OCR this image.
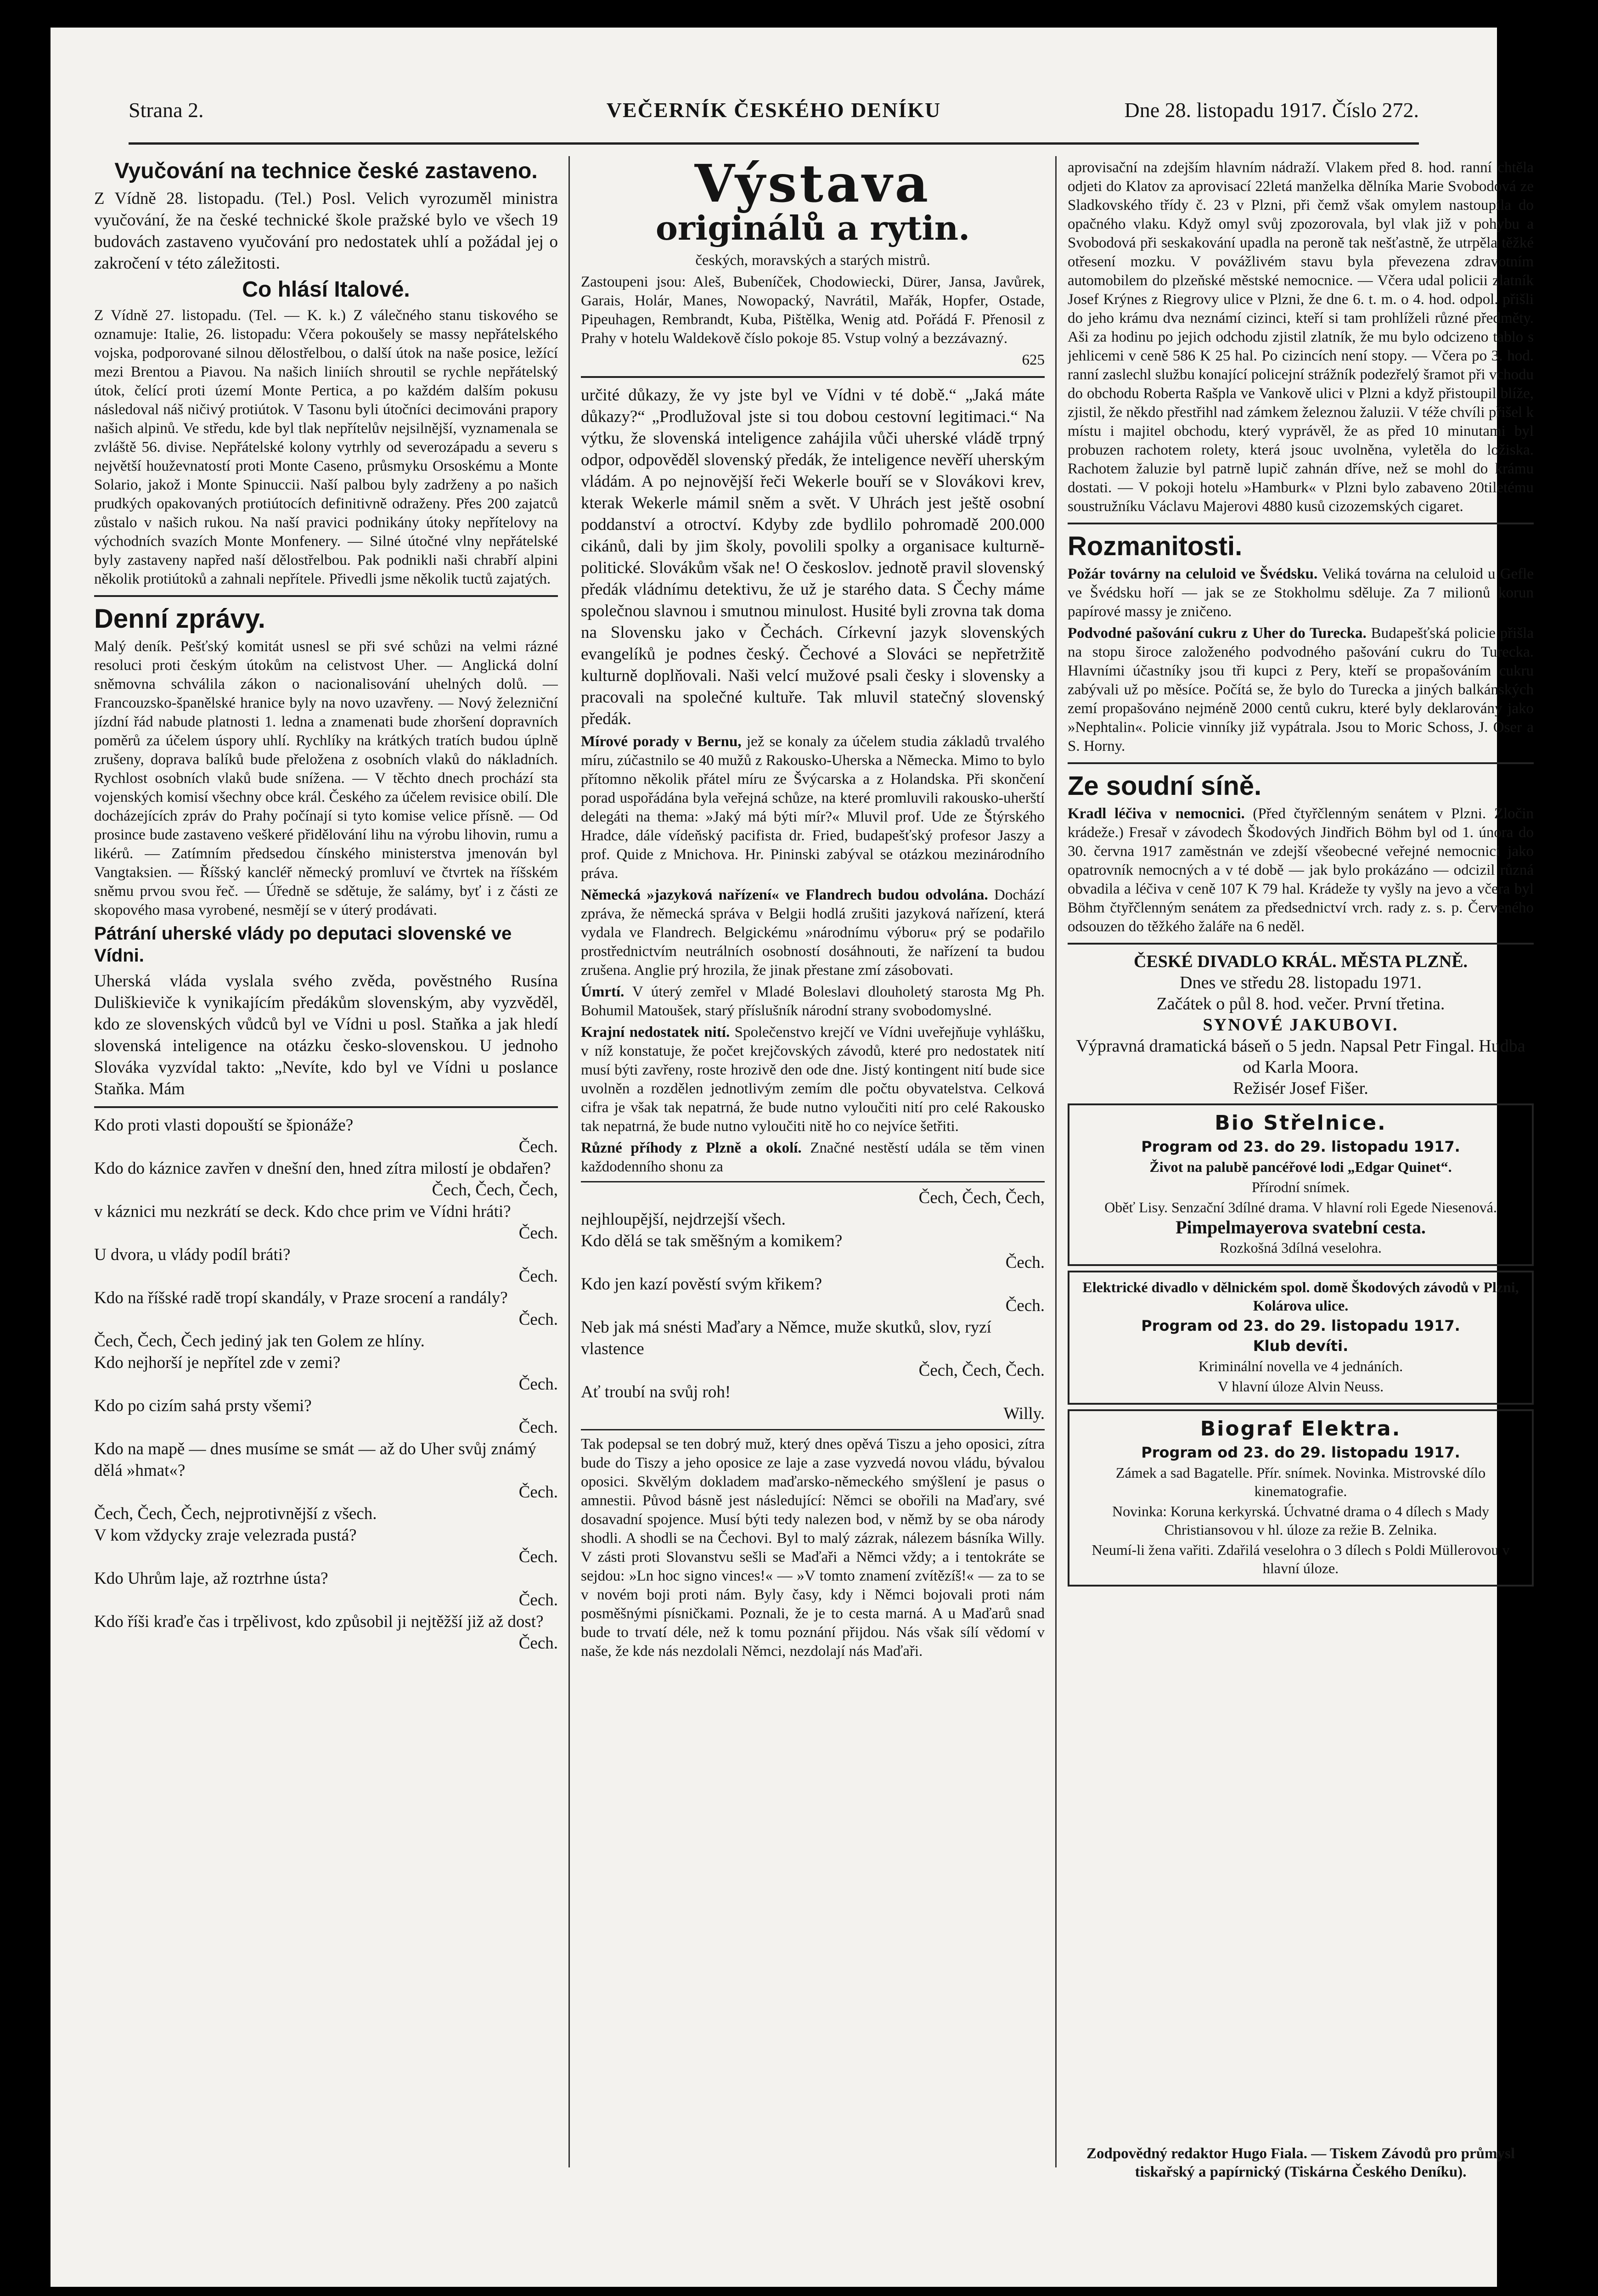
Strana 2.	VEČERNÍK ČESKÉHO DENÍKU	Dne 28. listopadu 1917. Číslo 272.
Vyučování na technice české zastaveno.

Z Vídně 28. listopadu. (Tel.) Posl. Velich vyrozuměl ministra vyučování, že na české technické škole pražské bylo ve všech 19 budovách zastaveno vyučování pro nedostatek uhlí a požádal jej o zakročení v této záležitosti.

Co hlásí Italové.

Z Vídně 27. listopadu. (Tel. — K. k.) Z válečného stanu tiskového se oznamuje: Italie, 26. listopadu: Včera pokoušely se massy nepřátelského vojska, podporované silnou dělostřelbou, o další útok na naše posice, ležící mezi Brentou a Piavou. Na našich liniích shroutil se rychle nepřátelský útok, čelící proti území Monte Pertica, a po každém dalším pokusu následoval náš ničivý protiútok. V Tasonu byli útočníci decimováni prapory našich alpinů. Ve středu, kde byl tlak nepřítelův nejsilnější, vyznamenala se zvláště 56. divise. Nepřátelské kolony vytrhly od severozápadu a severu s největší houževnatostí proti Monte Caseno, průsmyku Orsoskému a Monte Solario, jakož i Monte Spinuccii. Naší palbou byly zadrženy a po našich prudkých opakovaných protiútocích definitivně odraženy. Přes 200 zajatců zůstalo v našich rukou. Na naší pravici podnikány útoky nepřítelovy na východních svazích Monte Monfenery. — Silné útočné vlny nepřátelské byly zastaveny napřed naší dělostřelbou. Pak podnikli naši chrabří alpini několik protiútoků a zahnali nepřítele. Přivedli jsme několik tuctů zajatých.

Denní zprávy.

Malý deník. Pešťský komitát usnesl se při své schůzi na velmi rázné resoluci proti českým útokům na celistvost Uher. — Anglická dolní sněmovna schválila zákon o nacionalisování uhelných dolů. — Francouzsko-španělské hranice byly na novo uzavřeny. — Nový železniční jízdní řád nabude platnosti 1. ledna a znamenati bude zhoršení dopravních poměrů za účelem úspory uhlí. Rychlíky na krátkých tratích budou úplně zrušeny, doprava balíků bude přeložena z osobních vlaků do nákladních. Rychlost osobních vlaků bude snížena. — V těchto dnech prochází sta vojenských komisí všechny obce král. Českého za účelem revisice obilí. Dle docházejících zpráv do Prahy počínají si tyto komise velice přísně. — Od prosince bude zastaveno veškeré přidělování lihu na výrobu lihovin, rumu a likérů. — Zatímním předsedou čínského ministerstva jmenován byl Vangtaksien. — Říšský kancléř německý promluví ve čtvrtek na říšském sněmu prvou svou řeč. — Úředně se sdětuje, že salámy, byť i z části ze skopového masa vyrobené, nesmějí se v úterý prodávati.

Pátrání uherské vlády po deputaci slovenské ve Vídni.

Uherská vláda vyslala svého zvěda, pověstného Rusína Duliškieviče k vynikajícím předákům slovenským, aby vyzvěděl, kdo ze slovenských vůdců byl ve Vídni u posl. Staňka a jak hledí slovenská inteligence na otázku česko-slovenskou. U jednoho Slováka vyzvídal takto: „Nevíte, kdo byl ve Vídni u poslance Staňka. Mám

Kdo proti vlasti dopouští se špionáže?

Čech.

Kdo do káznice zavřen v dnešní den, hned zítra milostí je obdařen?

Čech, Čech, Čech,

v káznici mu nezkrátí se deck. Kdo chce prim ve Vídni hráti?

Čech.

U dvora, u vlády podíl bráti?

Čech.

Kdo na říšské radě tropí skandály, v Praze srocení a randály?

Čech.

Čech, Čech, Čech jediný jak ten Golem ze hlíny.

Kdo nejhorší je nepřítel zde v zemi?

Čech.

Kdo po cizím sahá prsty všemi?

Čech.

Kdo na mapě — dnes musíme se smát — až do Uher svůj známý dělá »hmat«?

Čech.

Čech, Čech, Čech, nejprotivnější z všech.

V kom vždycky zraje velezrada pustá?

Čech.

Kdo Uhrům laje, až roztrhne ústa?

Čech.

Kdo říši kraďe čas i trpělivost, kdo způsobil ji nejtěžší již až dost?

Čech.

Výstava
originálů a rytin.

českých, moravských a starých mistrů.

Zastoupeni jsou: Aleš, Bubeníček, Chodowiecki, Dürer, Jansa, Javůrek, Garais, Holár, Manes, Nowopacký, Navrátil, Mařák, Hopfer, Ostade, Pipeuhagen, Rembrandt, Kuba, Pištělka, Wenig atd. Pořádá F. Přenosil z Prahy v hotelu Waldekově číslo pokoje 85. Vstup volný a bezzávazný.

625

určité důkazy, že vy jste byl ve Vídni v té době.“ „Jaká máte důkazy?“ „Prodlužoval jste si tou dobou cestovní legitimaci.“ Na výtku, že slovenská inteligence zahájila vůči uherské vládě trpný odpor, odpověděl slovenský předák, že inteligence nevěří uherským vládám. A po nejnovější řeči Wekerle bouří se v Slovákovi krev, kterak Wekerle mámil sněm a svět. V Uhrách jest ještě osobní poddanství a otroctví. Kdyby zde bydlilo pohromadě 200.000 cikánů, dali by jim školy, povolili spolky a organisace kulturně-politické. Slovákům však ne! O českoslov. jednotě pravil slovenský předák vládnímu detektivu, že už je starého data. S Čechy máme společnou slavnou i smutnou minulost. Husité byli zrovna tak doma na Slovensku jako v Čechách. Církevní jazyk slovenských evangelíků je podnes český. Čechové a Slováci se nepřetržitě kulturně doplňovali. Naši velcí mužové psali česky i slovensky a pracovali na společné kultuře. Tak mluvil statečný slovenský předák.

Mírové porady v Bernu, jež se konaly za účelem studia základů trvalého míru, zúčastnilo se 40 mužů z Rakousko-Uherska a Německa. Mimo to bylo přítomno několik přátel míru ze Švýcarska a z Holandska. Při skončení porad uspořádána byla veřejná schůze, na které promluvili rakousko-uherští delegáti na thema: »Jaký má býti mír?« Mluvil prof. Ude ze Štýrského Hradce, dále vídeňský pacifista dr. Fried, budapešťský profesor Jaszy a prof. Quide z Mnichova. Hr. Pininski zabýval se otázkou mezinárodního právа.

Německá »jazyková nařízení« ve Flandrech budou odvolána. Dochází zpráva, že německá správa v Belgii hodlá zrušiti jazyková nařízení, která vydala ve Flandrech. Belgickému »národnímu výboru« prý se podařilo prostřednictvím neutrálních osobností dosáhnouti, že nařízení ta budou zrušena. Anglie prý hrozila, že jinak přestane zmí zásobovati.

Úmrtí. V úterý zemřel v Mladé Boleslavi dlouholetý starosta Mg Ph. Bohumil Matoušek, starý příslušník národní strany svobodomyslné.

Krajní nedostatek nití. Společenstvo krejčí ve Vídni uveřejňuje vyhlášku, v níž konstatuje, že počet krejčovských závodů, které pro nedostatek nití musí býti zavřeny, roste hrozivě den ode dne. Jistý kontingent nití bude sice uvolněn a rozdělen jednotlivým zemím dle počtu obyvatelstva. Celková cifra je však tak nepatrná, že bude nutno vyloučiti nití pro celé Rakousko tak nepatrná, že bude nutno vyloučiti nitě ho co nejvíce šetřiti.

Různé příhody z Plzně a okolí. Značné nestěstí udála se těm vinen každodenního shonu za

Čech, Čech, Čech,

nejhloupější, nejdrzejší všech.

Kdo dělá se tak směšným a komikem?

Čech.

Kdo jen kazí pověstí svým křikem?

Čech.

Neb jak má snésti Maďary a Němce, muže skutků, slov, ryzí vlastence

Čech, Čech, Čech.

Ať troubí na svůj roh!

Willy.

Tak podepsal se ten dobrý muž, který dnes opěvá Tiszu a jeho oposici, zítra bude do Tiszy a jeho oposice ze laje a zase vyzvedá novou vládu, bývalou oposici. Skvělým dokladem maďarsko-německého smýšlení je pasus o amnestii. Původ básně jest následující: Němci se obořili na Maďary, své dosavadní spojence. Musí býti tedy nalezen bod, v němž by se oba národy shodli. A shodli se na Čechovi. Byl to malý zázrak, nálezem básníka Willy. V zásti proti Slovanstvu sešli se Maďaři a Němci vždy; a i tentokráte se sejdou: »Ln hoc signo vinces!« — »V tomto znamení zvítězíš!« — za to se v novém boji proti nám. Byly časy, kdy i Němci bojovali proti nám posměšnými písničkami. Poznali, že je to cesta marná. A u Maďarů snad bude to trvatí déle, než k tomu poznání přijdou. Nás však sílí vědomí v naše, že kde nás nezdolali Němci, nezdolají nás Maďaři.

aprovisační na zdejším hlavním nádraží. Vlakem před 8. hod. ranní chtěla odjeti do Klatov za aprovisací 22letá manželka dělníka Marie Svobodová ze Sladkovského třídy č. 23 v Plzni, při čemž však omylem nastoupila do opačného vlaku. Když omyl svůj zpozorovala, byl vlak již v pohybu a Svobodová při seskakování upadla na peroně tak nešťastně, že utrpěla těžké otřesení mozku. V povážlivém stavu byla převezena zdravotním automobilem do plzeňské městské nemocnice. — Včera udal policii zlatník Josef Krýnes z Riegrovy ulice v Plzni, že dne 6. t. m. o 4. hod. odpol. přišli do jeho krámu dva neznámí cizinci, kteří si tam prohlíželi různé předměty. Aši za hodinu po jejich odchodu zjistil zlatník, že mu bylo odcizeno tablo s jehlicemi v ceně 586 K 25 hal. Po cizincích není stopy. — Včera po 3. hod. ranní zaslechl službu konající policejní strážník podezřelý šramot při vchodu do obchodu Roberta Rašpla ve Vankově ulici v Plzni a když přistoupil blíže, zjistil, že někdo přestřihl nad zámkem železnou žaluzii. V téže chvíli přišel k místu i majitel obchodu, který vyprávěl, že as před 10 minutami byl probuzen rachotem rolety, která jsouc uvolněna, vyletěla do ložiska. Rachotem žaluzie byl patrně lupič zahnán dříve, než se mohl do krámu dostati. — V pokoji hotelu »Hamburk« v Plzni bylo zabaveno 20tiletému soustružníku Václavu Majerovi 4880 kusů cizozemských cigaret.

Rozmanitosti.

Požár továrny na celuloid ve Švédsku. Veliká továrna na celuloid u Gefle ve Švédsku hoří — jak se ze Stokholmu sděluje. Za 7 milionů korun papírové massy je zničeno.

Podvodné pašování cukru z Uher do Turecka. Budapešťská policie přišla na stopu široce založeného podvodného pašování cukru do Turecka. Hlavními účastníky jsou tři kupci z Pery, kteří se propašováním cukru zabývali už po měsíce. Počítá se, že bylo do Turecka a jiných balkánských zemí propašováno nejméně 2000 centů cukru, které byly deklarovány jako »Nephtalin«. Policie vinníky již vypátrala. Jsou to Moric Schoss, J. Oser a S. Horny.

Ze soudní síně.

Kradl léčiva v nemocnici. (Před čtyřčlenným senátem v Plzni. Zločin krádeže.) Fresař v závodech Škodových Jindřich Böhm byl od 1. února do 30. června 1917 zaměstnán ve zdejší všeobecné veřejné nemocnici jako opatrovník nemocných a v té době — jak bylo prokázáno — odcizil různá obvadila a léčiva v ceně 107 K 79 hal. Krádeže ty vyšly na jevo a včera byl Böhm čtyřčlenným senátem za předsednictví vrch. rady z. s. p. Červeného odsouzen do těžkého žaláře na 6 neděl.

ČESKÉ DIVADLO KRÁL. MĚSTA PLZNĚ.
Dnes ve středu 28. listopadu 1971.
Začátek o půl 8. hod. večer. První třetina.
SYNOVÉ JAKUBOVI.
Výpravná dramatická báseň o 5 jedn. Napsal Petr Fingal. Hudba od Karla Moora.
Režisér Josef Fišer.

Bio Střelnice.

Program od 23. do 29. listopadu 1917.

Život na palubě pancéřové lodi „Edgar Quinet“.

Přírodní snímek.

Oběť Lisy. Senzační 3dílné drama. V hlavní roli Egede Niesenová.

Pimpelmayerova svatební cesta.

Rozkošná 3dílná veselohra.

Elektrické divadlo v dělnickém spol. domě Škodových závodů v Plzni, Kolárova ulice.

Program od 23. do 29. listopadu 1917.

Klub devíti.

Kriminální novella ve 4 jednáních.

V hlavní úloze Alvin Neuss.

Biograf Elektra.

Program od 23. do 29. listopadu 1917.

Zámek a sad Bagatelle. Přír. snímek. Novinka. Mistrovské dílo kinematografie.

Novinka: Koruna kerkyrská. Úchvatné drama o 4 dílech s Mady Christiansovou v hl. úloze za režie B. Zelnika.

Neumí-li žena vařiti. Zdařilá veselohra o 3 dílech s Poldi Müllerovou v hlavní úloze.

Zodpovědný redaktor Hugo Fiala. — Tiskem Závodů pro průmysl tiskařský a papírnický (Tiskárna Českého Deníku).
